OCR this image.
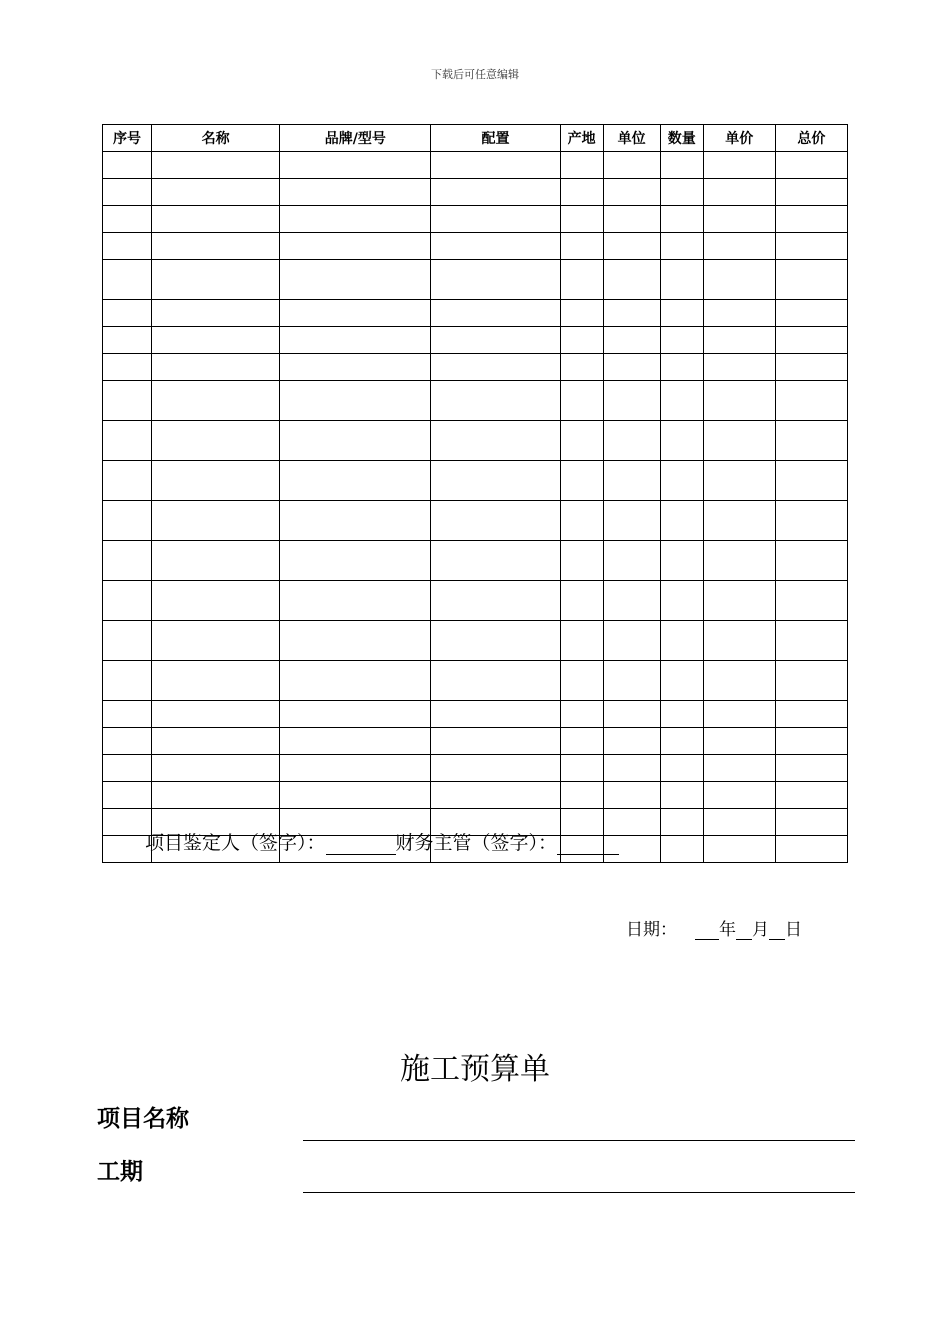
下载后可任意编辑
序号	名称	品牌/型号	配置	产地	单位	数量	单价	总价

项目鉴定人（签字）：	财务主管（签字）：
日期： 年 月 日
施工预算单
项目名称
工期
